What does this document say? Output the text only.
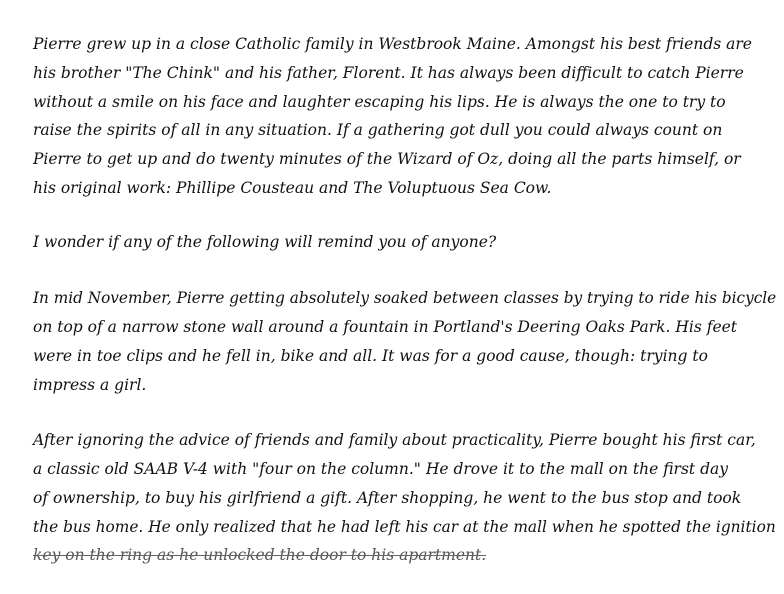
Pierre grew up in a close Catholic family in Westbrook Maine. Amongst his best friends are
his brother "The Chink" and his father, Florent. It has always been difficult to catch Pierre
without a smile on his face and laughter escaping his lips. He is always the one to try to
raise the spirits of all in any situation. If a gathering got dull you could always count on
Pierre to get up and do twenty minutes of the Wizard of Oz, doing all the parts himself, or
his original work: Phillipe Cousteau and The Voluptuous Sea Cow.
I wonder if any of the following will remind you of anyone?
In mid November, Pierre getting absolutely soaked between classes by trying to ride his bicycle
on top of a narrow stone wall around a fountain in Portland's Deering Oaks Park. His feet
were in toe clips and he fell in, bike and all. It was for a good cause, though: trying to
impress a girl.
After ignoring the advice of friends and family about practicality, Pierre bought his first car,
a classic old SAAB V-4 with "four on the column." He drove it to the mall on the first day
of ownership, to buy his girlfriend a gift. After shopping, he went to the bus stop and took
the bus home. He only realized that he had left his car at the mall when he spotted the ignition
key on the ring as he unlocked the door to his apartment.
